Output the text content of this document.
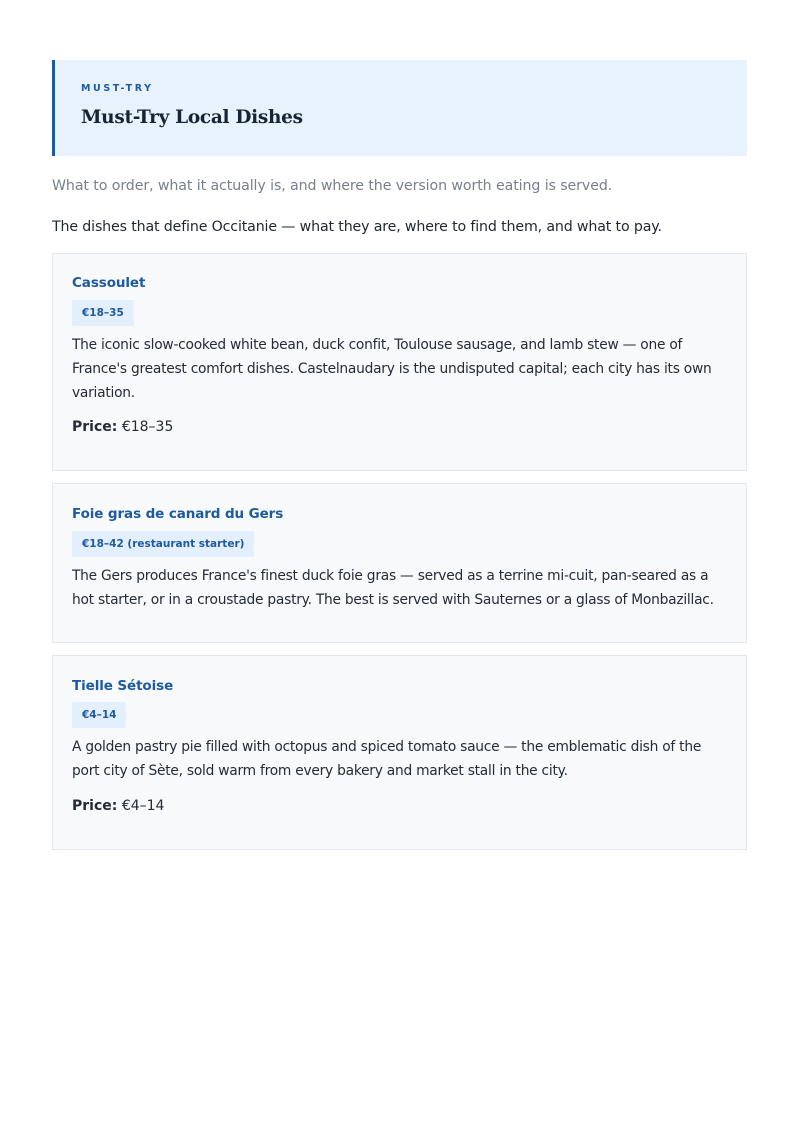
MUST-TRY
Must-Try Local Dishes
What to order, what it actually is, and where the version worth eating is served.
The dishes that define Occitanie — what they are, where to find them, and what to pay.
Cassoulet
€18–35
The iconic slow-cooked white bean, duck confit, Toulouse sausage, and lamb stew — one of France's greatest comfort dishes. Castelnaudary is the undisputed capital; each city has its own variation.
Price: €18–35
Foie gras de canard du Gers
€18–42 (restaurant starter)
The Gers produces France's finest duck foie gras — served as a terrine mi-cuit, pan-seared as a hot starter, or in a croustade pastry. The best is served with Sauternes or a glass of Monbazillac.
Tielle Sétoise
€4–14
A golden pastry pie filled with octopus and spiced tomato sauce — the emblematic dish of the port city of Sète, sold warm from every bakery and market stall in the city.
Price: €4–14
